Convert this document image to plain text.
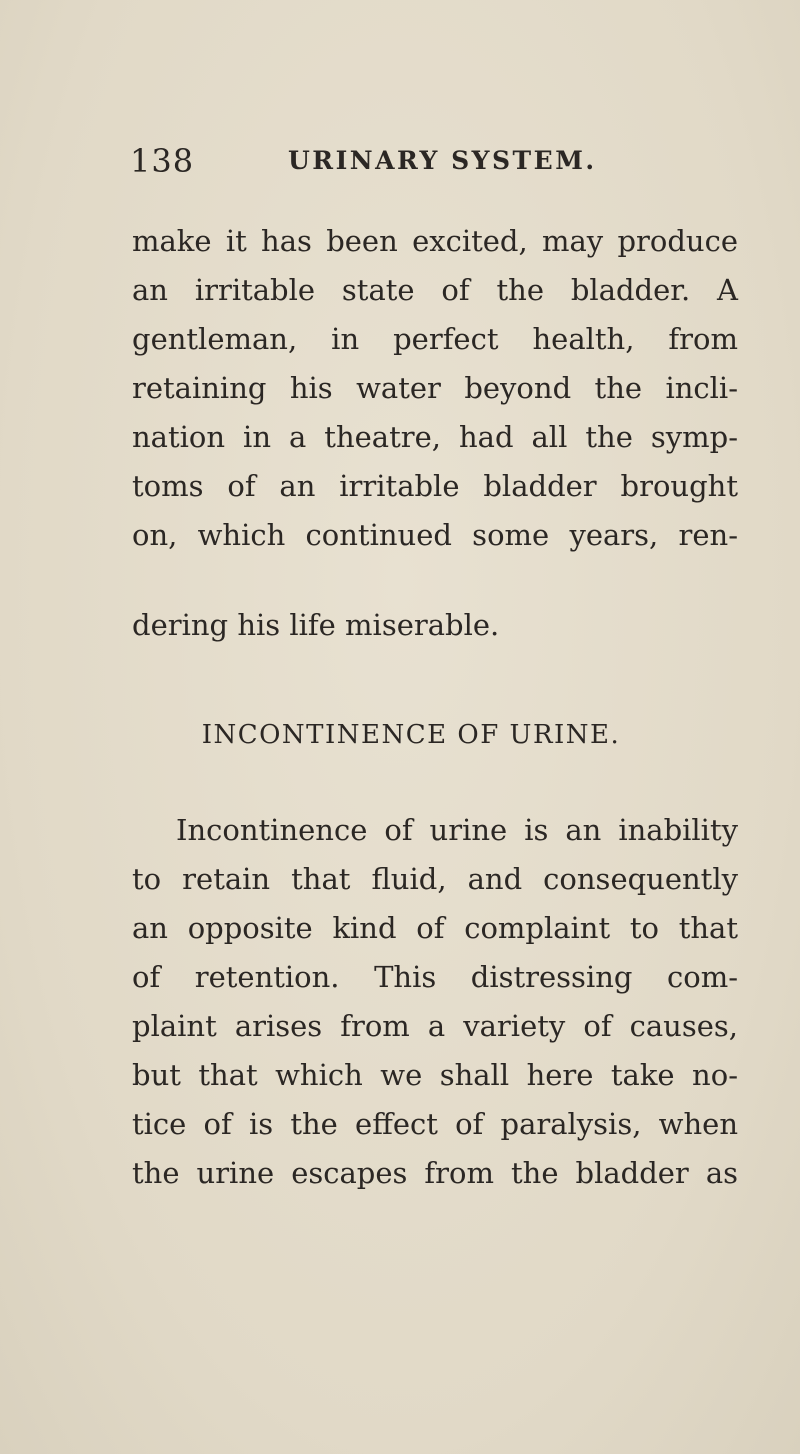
138	URINARY SYSTEM.
make it has been excited, may produce
an irritable state of the bladder. A
gentleman, in perfect health, from
retaining his water beyond the incli-
nation in a theatre, had all the symp-
toms of an irritable bladder brought
on, which continued some years, ren-
dering his life miserable.
INCONTINENCE OF URINE.
Incontinence of urine is an inability
to retain that fluid, and consequently
an opposite kind of complaint to that
of retention. This distressing com-
plaint arises from a variety of causes,
but that which we shall here take no-
tice of is the effect of paralysis, when
the urine escapes from the bladder as
